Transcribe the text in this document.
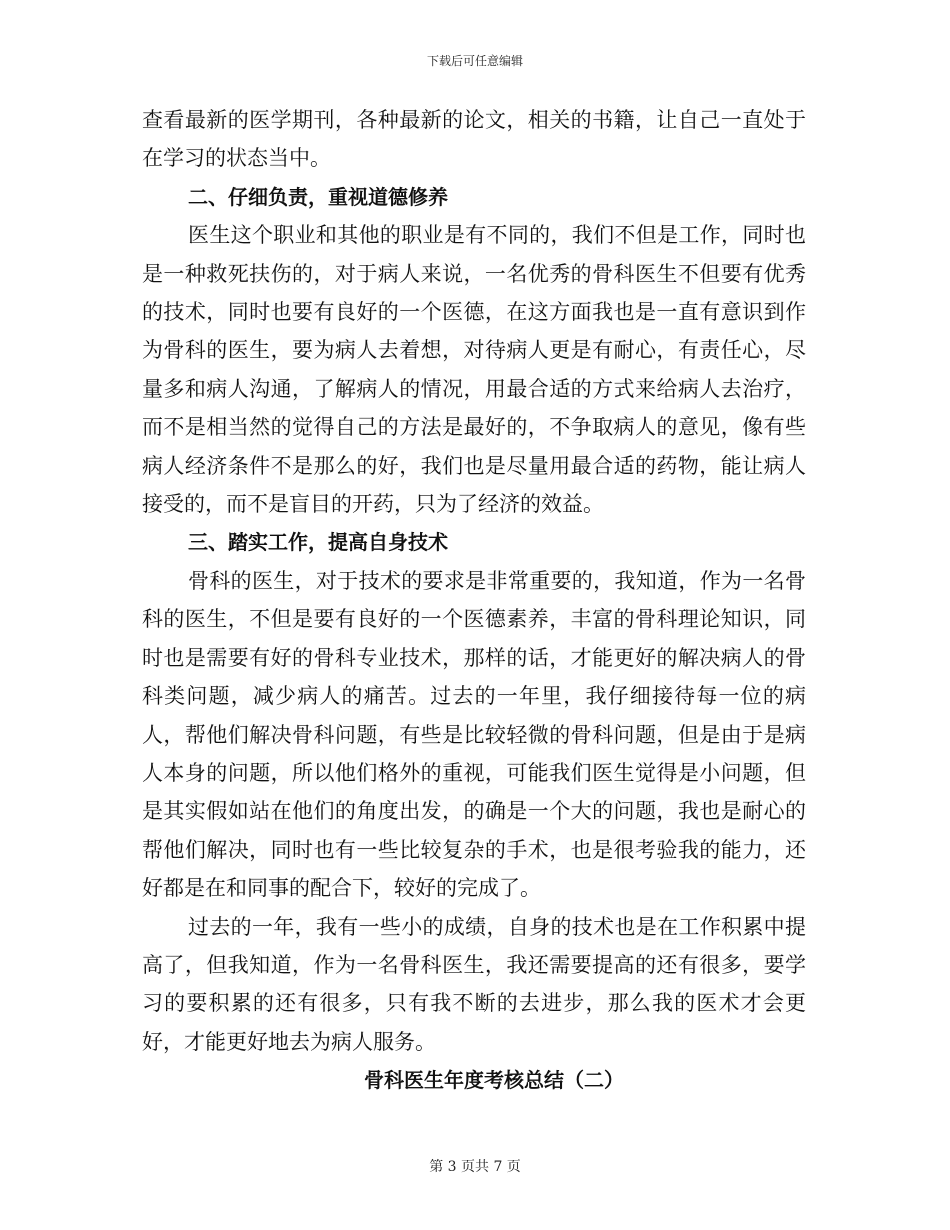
下载后可任意编辑

查看最新的医学期刊，各种最新的论文，相关的书籍，让自己一直处于在学习的状态当中。

二、仔细负责，重视道德修养

医生这个职业和其他的职业是有不同的，我们不但是工作，同时也是一种救死扶伤的，对于病人来说，一名优秀的骨科医生不但要有优秀的技术，同时也要有良好的一个医德，在这方面我也是一直有意识到作为骨科的医生，要为病人去着想，对待病人更是有耐心，有责任心，尽量多和病人沟通，了解病人的情况，用最合适的方式来给病人去治疗，而不是相当然的觉得自己的方法是最好的，不争取病人的意见，像有些病人经济条件不是那么的好，我们也是尽量用最合适的药物，能让病人接受的，而不是盲目的开药，只为了经济的效益。

三、踏实工作，提高自身技术

骨科的医生，对于技术的要求是非常重要的，我知道，作为一名骨科的医生，不但是要有良好的一个医德素养，丰富的骨科理论知识，同时也是需要有好的骨科专业技术，那样的话，才能更好的解决病人的骨科类问题，减少病人的痛苦。过去的一年里，我仔细接待每一位的病人，帮他们解决骨科问题，有些是比较轻微的骨科问题，但是由于是病人本身的问题，所以他们格外的重视，可能我们医生觉得是小问题，但是其实假如站在他们的角度出发，的确是一个大的问题，我也是耐心的帮他们解决，同时也有一些比较复杂的手术，也是很考验我的能力，还好都是在和同事的配合下，较好的完成了。

过去的一年，我有一些小的成绩，自身的技术也是在工作积累中提高了，但我知道，作为一名骨科医生，我还需要提高的还有很多，要学习的要积累的还有很多，只有我不断的去进步，那么我的医术才会更好，才能更好地去为病人服务。

骨科医生年度考核总结（二）

第 3 页共 7 页
